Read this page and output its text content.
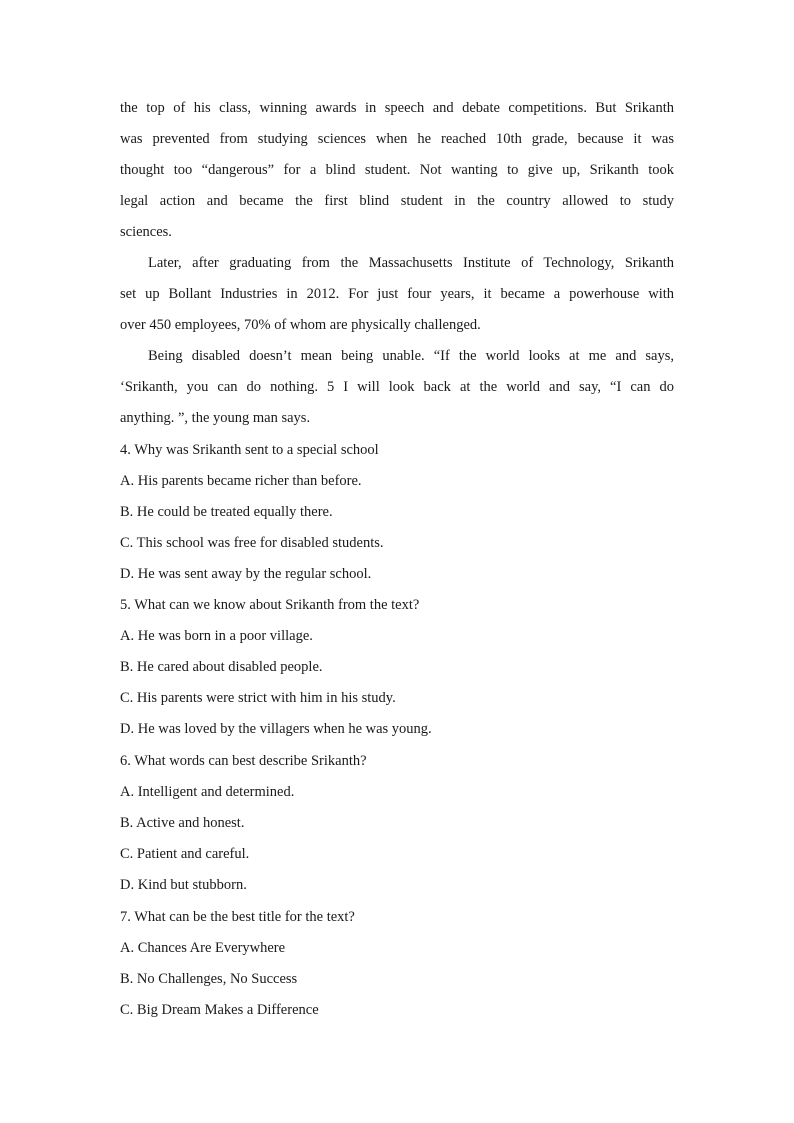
the top of his class, winning awards in speech and debate competitions. But Srikanth
was prevented from studying sciences when he reached 10th grade, because it was
thought too “dangerous” for a blind student. Not wanting to give up, Srikanth took
legal action and became the first blind student in the country allowed to study
sciences.
Later, after graduating from the Massachusetts Institute of Technology, Srikanth
set up Bollant Industries in 2012. For just four years, it became a powerhouse with
over 450 employees, 70% of whom are physically challenged.
Being disabled doesn’t mean being unable. “If the world looks at me and says,
‘Srikanth, you can do nothing. 5 I will look back at the world and say, “I can do
anything. ”, the young man says.
4. Why was Srikanth sent to a special school
A. His parents became richer than before.
B. He could be treated equally there.
C. This school was free for disabled students.
D. He was sent away by the regular school.
5. What can we know about Srikanth from the text?
A. He was born in a poor village.
B. He cared about disabled people.
C. His parents were strict with him in his study.
D. He was loved by the villagers when he was young.
6. What words can best describe Srikanth?
A. Intelligent and determined.
B. Active and honest.
C. Patient and careful.
D. Kind but stubborn.
7. What can be the best title for the text?
A. Chances Are Everywhere
B. No Challenges, No Success
C. Big Dream Makes a Difference
